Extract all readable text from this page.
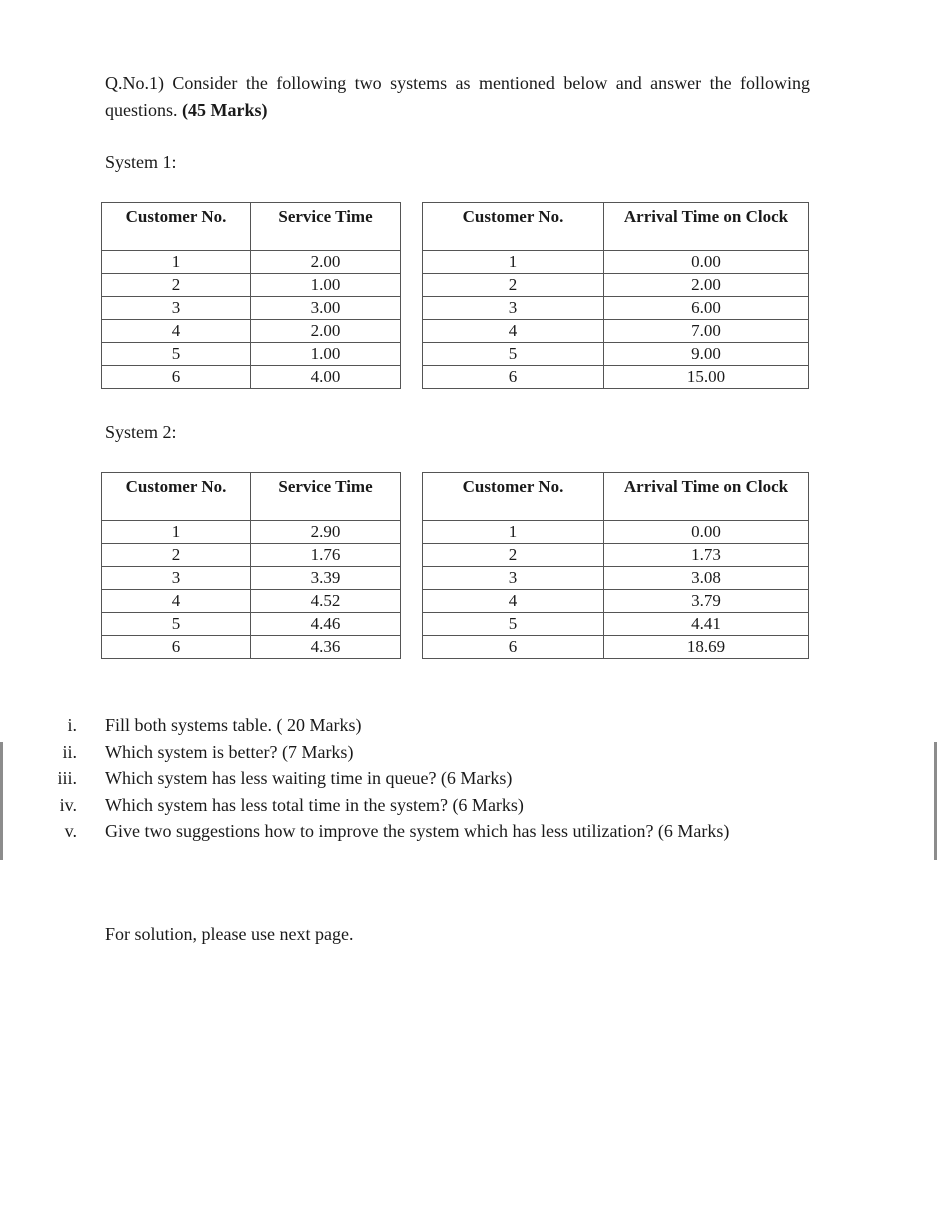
Q.No.1) Consider the following two systems as mentioned below and answer the following questions. (45 Marks)
System 1:
Customer No.	Service Time		Customer No.	Arrival Time on Clock
1	2.00		1	0.00
2	1.00		2	2.00
3	3.00		3	6.00
4	2.00		4	7.00
5	1.00		5	9.00
6	4.00		6	15.00
System 2:
Customer No.	Service Time		Customer No.	Arrival Time on Clock
1	2.90		1	0.00
2	1.76		2	1.73
3	3.39		3	3.08
4	4.52		4	3.79
5	4.46		5	4.41
6	4.36		6	18.69
i. Fill both systems table. ( 20 Marks)
ii. Which system is better? (7 Marks)
iii. Which system has less waiting time in queue? (6 Marks)
iv. Which system has less total time in the system? (6 Marks)
v. Give two suggestions how to improve the system which has less utilization? (6 Marks)
For solution, please use next page.
